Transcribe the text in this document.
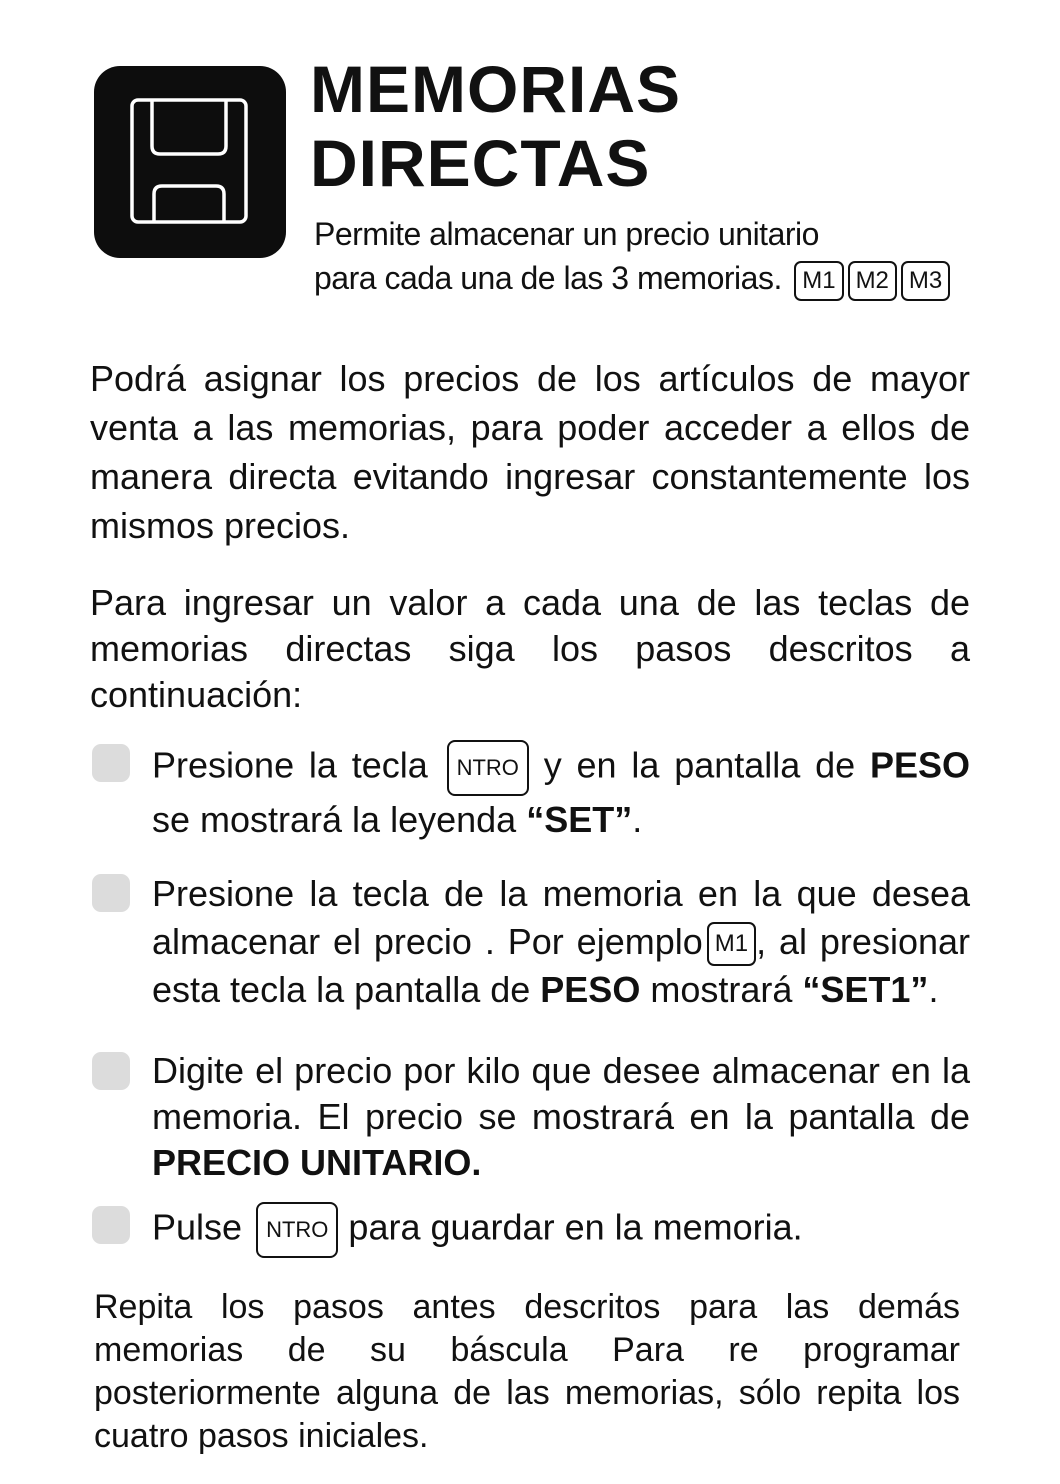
MEMORIAS
DIRECTAS
Permite almacenar un precio unitario
para cada una de las 3 memorias. M1 M2 M3
Podrá asignar los precios de los artículos de mayor venta a las memorias, para poder acceder a ellos de manera directa evitando ingresar constantemente los mismos precios.
Para ingresar un valor a cada una de las teclas de memorias directas siga los pasos descritos a continuación:
Presione la tecla NTRO y en la pantalla de PESO se mostrará la leyenda “SET”.
Presione la tecla de la memoria en la que desea almacenar el precio . Por ejemplo M1 , al presionar esta tecla la pantalla de PESO mostrará “SET1”.
Digite el precio por kilo que desee almacenar en la memoria. El precio se mostrará en la pantalla de PRECIO UNITARIO.
Pulse NTRO para guardar en la memoria.
Repita los pasos antes descritos para las demás memorias de su báscula Para re programar posteriormente alguna de las memorias, sólo repita los cuatro pasos iniciales.
